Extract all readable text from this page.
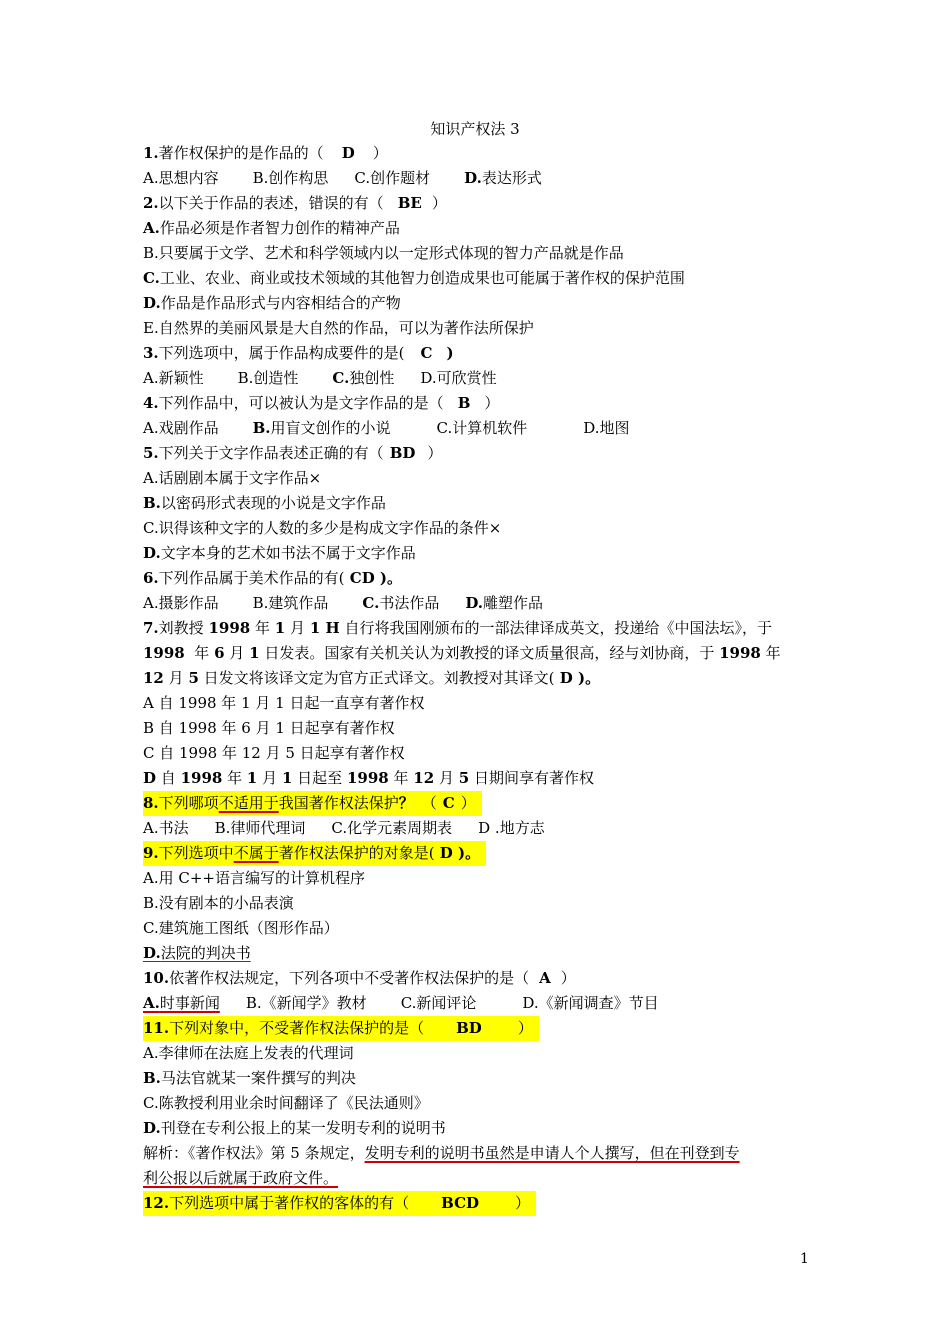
知识产权法 3
1.著作权保护的是作品的（ D ）
A.思想内容 B.创作构思 C.创作题材 D.表达形式
2.以下关于作品的表述，错误的有（ BE ）
A.作品必须是作者智力创作的精神产品
B.只要属于文学、艺术和科学领域内以一定形式体现的智力产品就是作品
C.工业、农业、商业或技术领域的其他智力创造成果也可能属于著作权的保护范围
D.作品是作品形式与内容相结合的产物
E.自然界的美丽风景是大自然的作品，可以为著作法所保护
3.下列选项中，属于作品构成要件的是( C )
A.新颖性 B.创造性 C.独创性 D.可欣赏性
4.下列作品中，可以被认为是文字作品的是（ B ）
A.戏剧作品 B.用盲文创作的小说	C.计算机软件	D.地图
5.下列关于文字作品表述正确的有（ BD ）
A.话剧剧本属于文字作品×
B.以密码形式表现的小说是文字作品
C.识得该种文字的人数的多少是构成文字作品的条件×
D.文字本身的艺术如书法不属于文字作品
6.下列作品属于美术作品的有( CD )。
A.摄影作品 B.建筑作品 C.书法作品 D.雕塑作品
7.刘教授 1998 年 1 月 1 H 自行将我国刚颁布的一部法律译成英文，投递给《中国法坛》，于
1998 年 6 月 1 日发表。国家有关机关认为刘教授的译文质量很高，经与刘协商，于 1998 年
12 月 5 日发文将该译文定为官方正式译文。刘教授对其译文( D )。
A 自 1998 年 1 月 1 日起一直享有著作权
B 自 1998 年 6 月 1 日起享有著作权
C 自 1998 年 12 月 5 日起享有著作权
D 自 1998 年 1 月 1 日起至 1998 年 12 月 5 日期间享有著作权
8.下列哪项不适用于我国著作权法保护？ （ C ）
A.书法 B.律师代理词 C.化学元素周期表 D .地方志
9.下列选项中不属于著作权法保护的对象是( D )。
A.用 C++语言编写的计算机程序
B.没有剧本的小品表演
C.建筑施工图纸（图形作品）
D.法院的判决书
10.依著作权法规定，下列各项中不受著作权法保护的是（ A ）
A.时事新闻 B.《新闻学》教材 C.新闻评论	D.《新闻调查》节目
11.下列对象中，不受著作权法保护的是（ BD ）
A.李律师在法庭上发表的代理词
B.马法官就某一案件撰写的判决
C.陈教授利用业余时间翻译了《民法通则》
D.刊登在专利公报上的某一发明专利的说明书
解析：《著作权法》第 5 条规定，发明专利的说明书虽然是申请人个人撰写，但在刊登到专
利公报以后就属于政府文件。
12.下列选项中属于著作权的客体的有（ BCD ）
1
